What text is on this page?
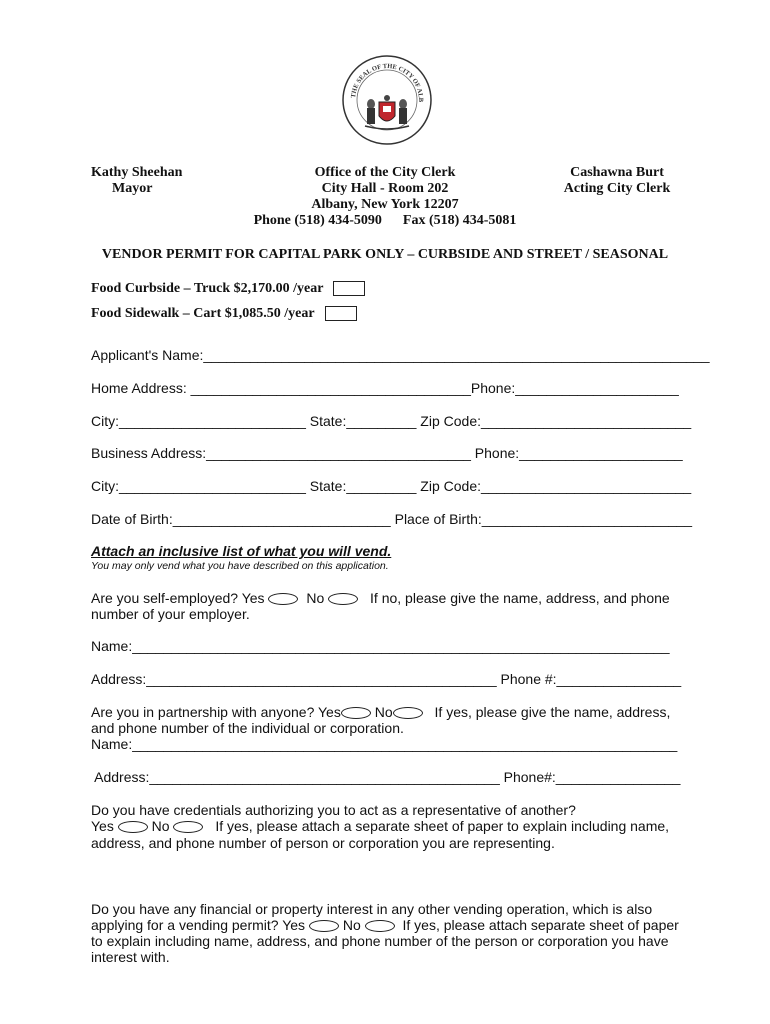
THE SEAL OF THE CITY OF ALB
Kathy Sheehan
Mayor
Office of the City Clerk
City Hall - Room 202
Albany, New York 12207
Phone (518) 434-5090      Fax (518) 434-5081
Cashawna Burt
Acting City Clerk
VENDOR PERMIT FOR CAPITAL PARK ONLY – CURBSIDE AND STREET / SEASONAL
Food Curbside – Truck $2,170.00 /year
Food Sidewalk – Cart $1,085.50 /year
Applicant's Name:_________________________________________________________________
Home Address: ____________________________________Phone:_____________________
City:________________________ State:_________ Zip Code:___________________________
Business Address:__________________________________ Phone:_____________________
City:________________________ State:_________ Zip Code:___________________________
Date of Birth:____________________________ Place of Birth:___________________________
Attach an inclusive list of what you will vend.
You may only vend what you have described on this application.
Are you self-employed? Yes	No	If no, please give the name, address, and phone
number of your employer.
Name:_____________________________________________________________________
Address:_____________________________________________ Phone #:________________
Are you in partnership with anyone? Yes No	If yes, please give the name, address,
and phone number of the individual or corporation.
Name:______________________________________________________________________
Address:_____________________________________________ Phone#:________________
Do you have credentials authorizing you to act as a representative of another?
Yes	No	If yes, please attach a separate sheet of paper to explain including name,
address, and phone number of person or corporation you are representing.
Do you have any financial or property interest in any other vending operation, which is also
applying for a vending permit? Yes	No	If yes, please attach separate sheet of paper
to explain including name, address, and phone number of the person or corporation you have
interest with.
